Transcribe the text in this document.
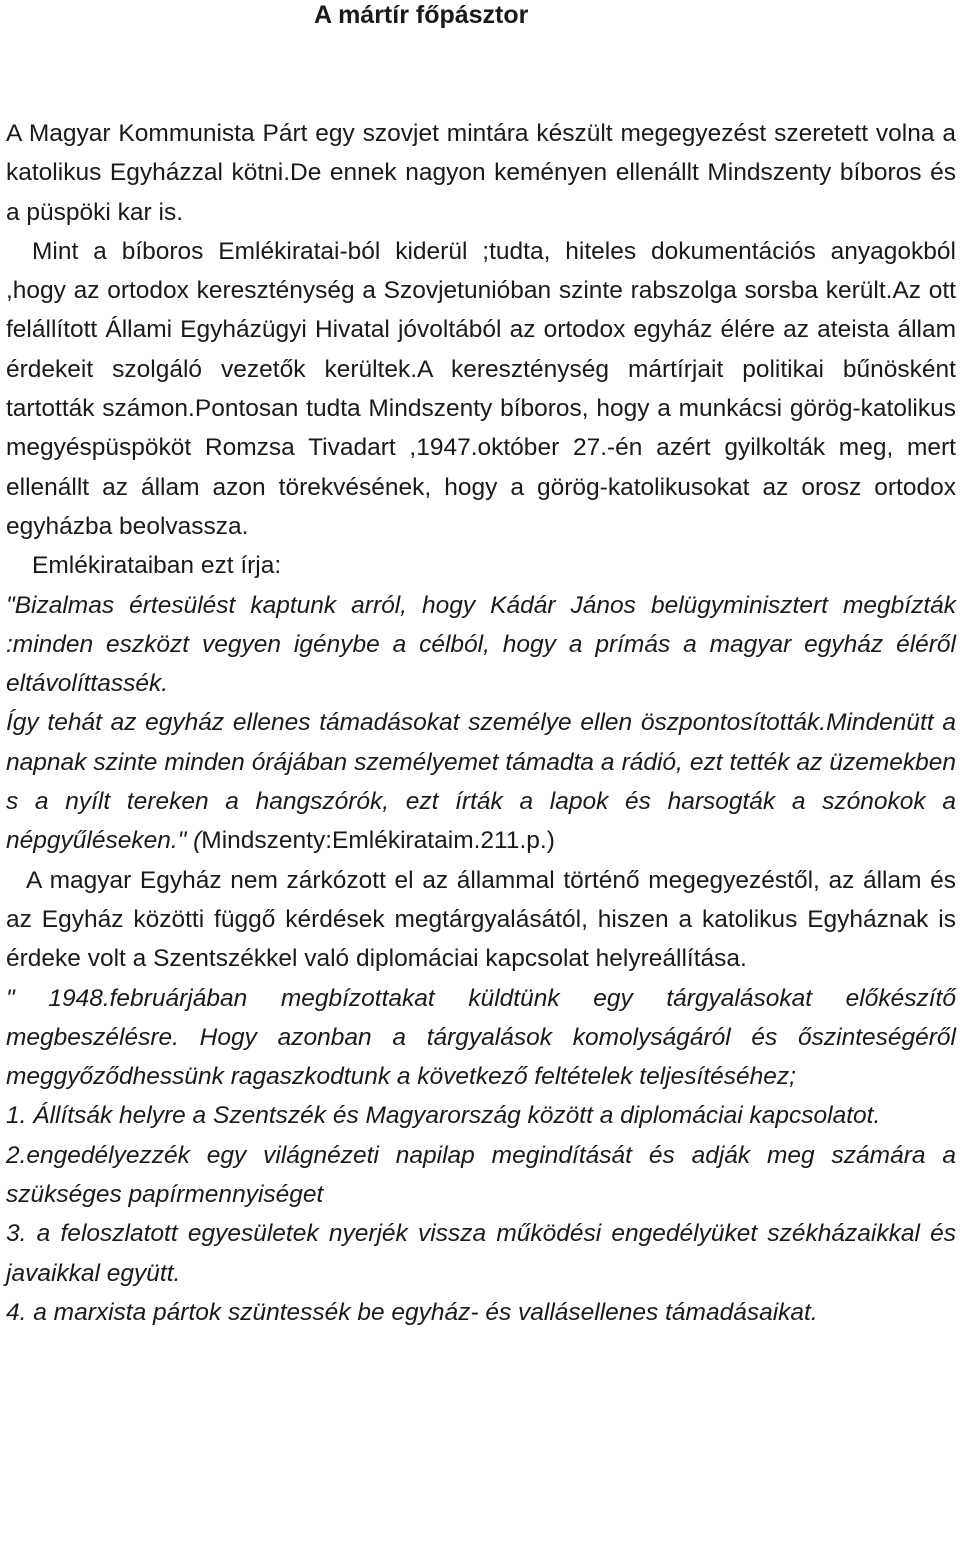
A mártír főpásztor

A Magyar Kommunista Párt egy szovjet mintára készült megegyezést szeretett volna a katolikus Egyházzal kötni.De ennek nagyon keményen ellenállt Mindszenty bíboros és a püspöki kar is.

Mint a bíboros Emlékiratai-ból kiderül ;tudta, hiteles dokumentációs anyagokból ,hogy az ortodox kereszténység a Szovjetunióban szinte rabszolga sorsba került.Az ott felállított Állami Egyházügyi Hivatal jóvoltából az ortodox egyház élére az ateista állam érdekeit szolgáló vezetők kerültek.A kereszténység mártírjait politikai bűnösként tartották számon.Pontosan tudta Mindszenty bíboros, hogy a munkácsi görög-katolikus megyéspüspököt Romzsa Tivadart ,1947.október 27.-én azért gyilkolták meg, mert ellenállt az állam azon törekvésének, hogy a görög-katolikusokat az orosz ortodox egyházba beolvassza.

Emlékirataiban ezt írja:

"Bizalmas értesülést kaptunk arról, hogy Kádár János belügyminisztert megbízták :minden eszközt vegyen igénybe a célból, hogy a prímás a magyar egyház éléről eltávolíttassék.

Így tehát az egyház ellenes támadásokat személye ellen öszpontosították.Mindenütt a napnak szinte minden órájában személyemet támadta a rádió, ezt tették az üzemekben s a nyílt tereken a hangszórók, ezt írták a lapok és harsogták a szónokok a népgyűléseken." (Mindszenty:Emlékirataim.211.p.)

A magyar Egyház nem zárkózott el az állammal történő megegyezéstől, az állam és az Egyház közötti függő kérdések megtárgyalásától, hiszen a katolikus Egyháznak is érdeke volt a Szentszékkel való diplomáciai kapcsolat helyreállítása.

" 1948.februárjában megbízottakat küldtünk egy tárgyalásokat előkészítő megbeszélésre. Hogy azonban a tárgyalások komolyságáról és őszinteségéről meggyőződhessünk ragaszkodtunk a következő feltételek teljesítéséhez;

1. Állítsák helyre a Szentszék és Magyarország között a diplomáciai kapcsolatot.

2.engedélyezzék egy világnézeti napilap megindítását és adják meg számára a szükséges papírmennyiséget

3. a feloszlatott egyesületek nyerjék vissza működési engedélyüket székházaikkal és javaikkal együtt.

4. a marxista pártok szüntessék be egyház- és vallásellenes támadásaikat.
